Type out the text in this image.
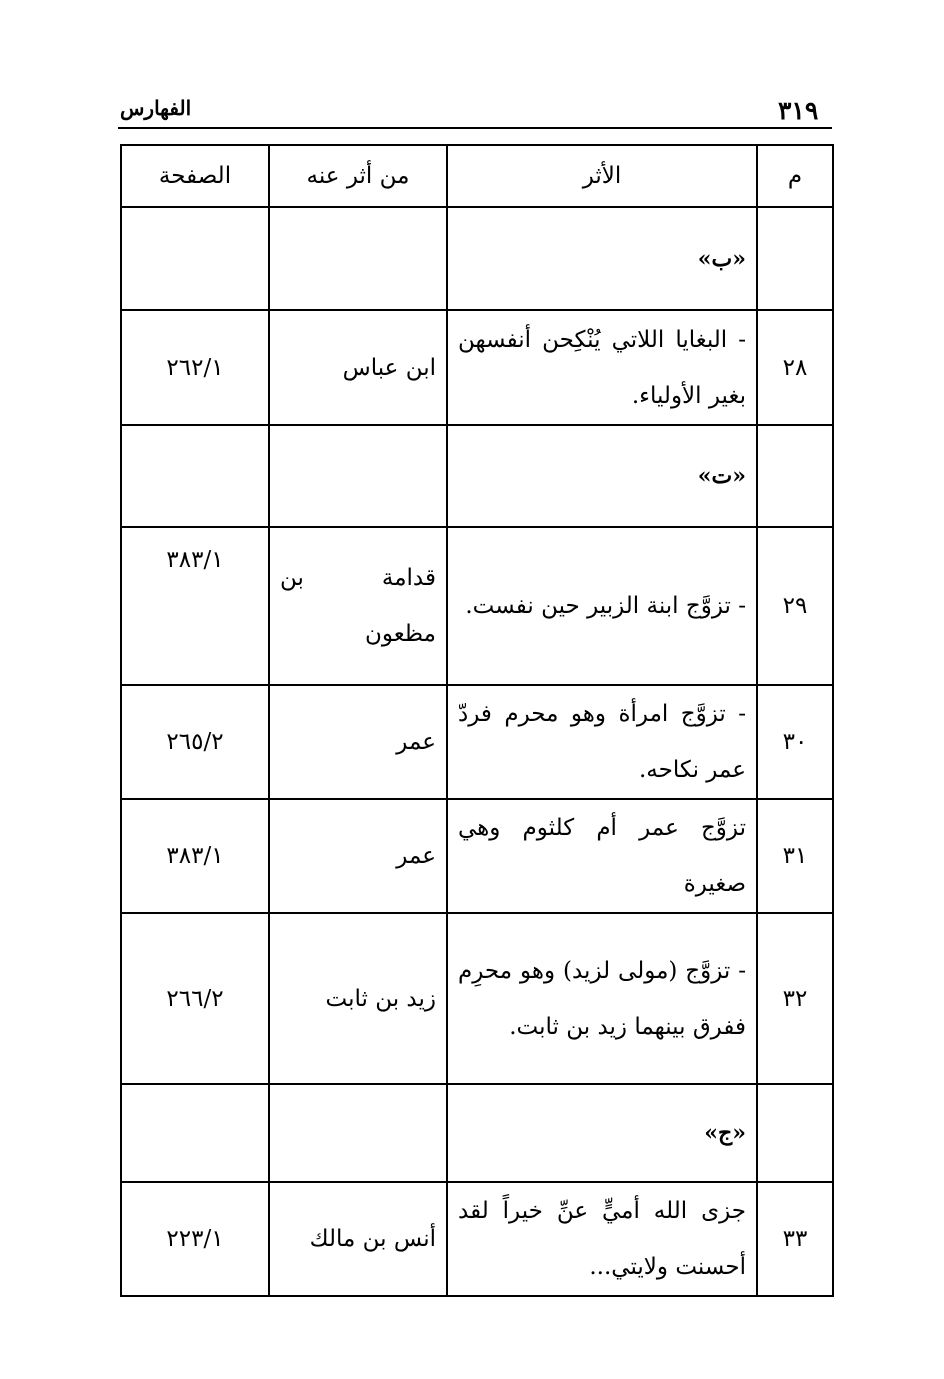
٣١٩
الفهارس
م	الأثر	من أثر عنه	الصفحة
	«ب»		
٢٨	- البغايا اللاتي يُنْكِحن أنفسهن بغير الأولياء.	ابن عباس	٢٦٢/١
	«ت»		
٢٩	- تزوَّج ابنة الزبير حين نفست.	قدامة بن مظعون	٣٨٣/١
٣٠	- تزوَّج امرأة وهو محرم فردّ عمر نكاحه.	عمر	٢٦٥/٢
٣١	تزوَّج عمر أم كلثوم وهي صغيرة	عمر	٣٨٣/١
٣٢	- تزوَّج (مولى لزيد) وهو محرِم ففرق بينهما زيد بن ثابت.	زيد بن ثابت	٢٦٦/٢
	«ج»		
٣٣	جزى الله أميٍّ عنِّ خيراً لقد أحسنت ولايتي...	أنس بن مالك	٢٢٣/١
